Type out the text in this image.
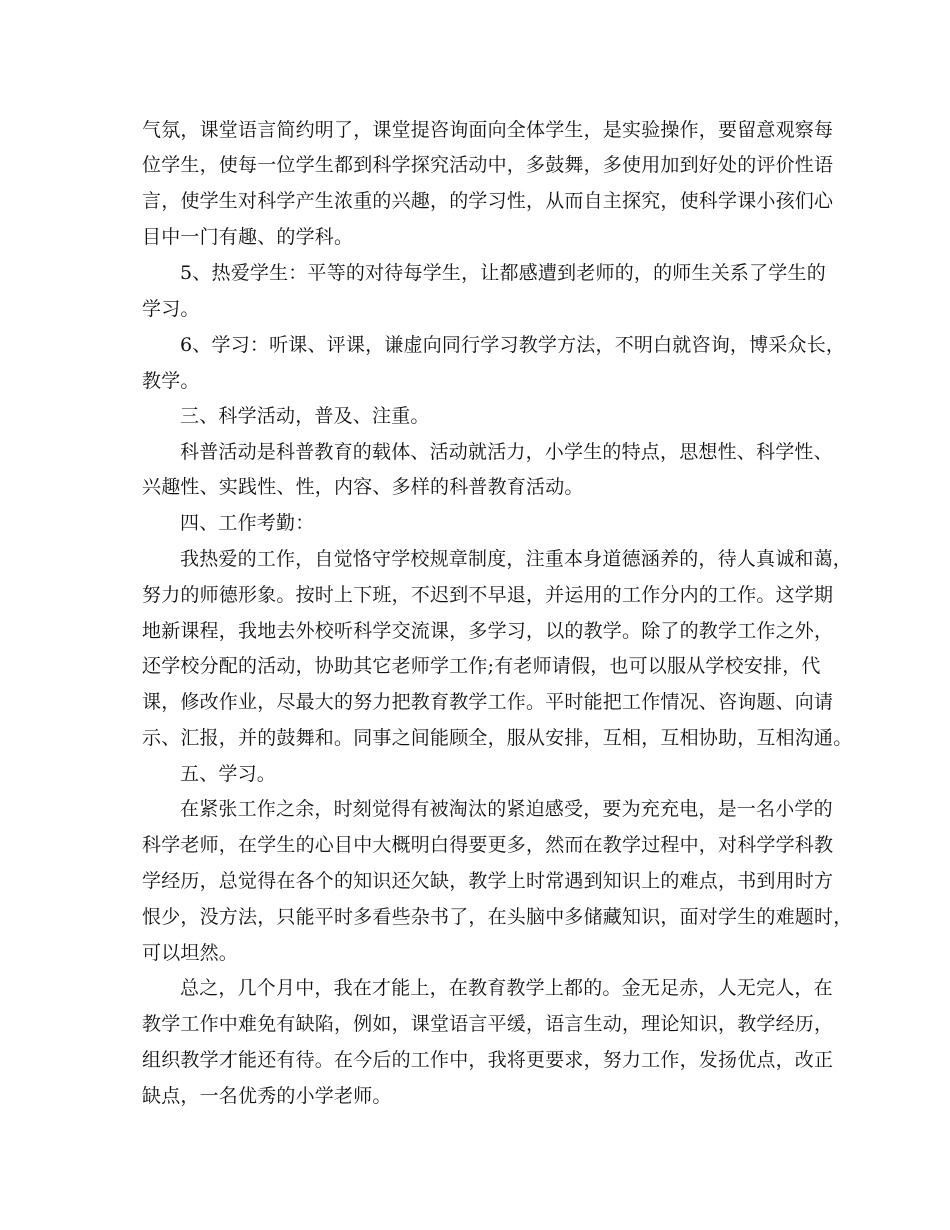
气氛，课堂语言简约明了，课堂提咨询面向全体学生，是实验操作，要留意观察每
位学生，使每一位学生都到科学探究活动中，多鼓舞，多使用加到好处的评价性语
言，使学生对科学产生浓重的兴趣，的学习性，从而自主探究，使科学课小孩们心
目中一门有趣、的学科。
5、热爱学生：平等的对待每学生，让都感遭到老师的，的师生关系了学生的
学习。
6、学习：听课、评课，谦虚向同行学习教学方法，不明白就咨询，博采众长，
教学。
三、科学活动，普及、注重。
科普活动是科普教育的载体、活动就活力，小学生的特点，思想性、科学性、
兴趣性、实践性、性，内容、多样的科普教育活动。
四、工作考勤：
我热爱的工作，自觉恪守学校规章制度，注重本身道德涵养的，待人真诚和蔼，
努力的师德形象。按时上下班，不迟到不早退，并运用的工作分内的工作。这学期
地新课程，我地去外校听科学交流课，多学习，以的教学。除了的教学工作之外，
还学校分配的活动，协助其它老师学工作;有老师请假，也可以服从学校安排，代
课，修改作业，尽最大的努力把教育教学工作。平时能把工作情况、咨询题、向请
示、汇报，并的鼓舞和。同事之间能顾全，服从安排，互相，互相协助，互相沟通。
五、学习。
在紧张工作之余，时刻觉得有被淘汰的紧迫感受，要为充充电，是一名小学的
科学老师，在学生的心目中大概明白得要更多，然而在教学过程中，对科学学科教
学经历，总觉得在各个的知识还欠缺，教学上时常遇到知识上的难点，书到用时方
恨少，没方法，只能平时多看些杂书了，在头脑中多储藏知识，面对学生的难题时，
可以坦然。
总之，几个月中，我在才能上，在教育教学上都的。金无足赤，人无完人，在
教学工作中难免有缺陷，例如，课堂语言平缓，语言生动，理论知识，教学经历，
组织教学才能还有待。在今后的工作中，我将更要求，努力工作，发扬优点，改正
缺点，一名优秀的小学老师。
